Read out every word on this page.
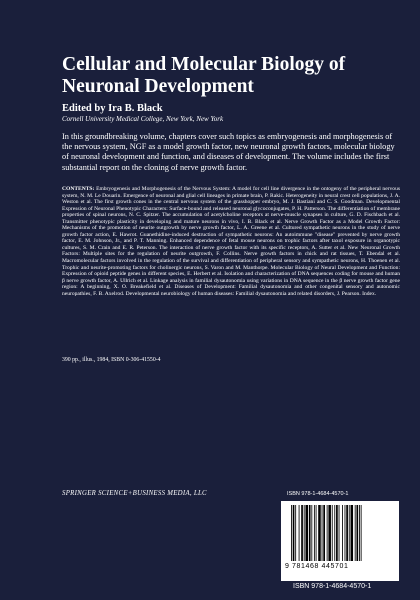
Cellular and Molecular Biology of Neuronal Development
Edited by Ira B. Black
Cornell University Medical College, New York, New York

In this groundbreaking volume, chapters cover such topics as embryogenesis and morphogenesis of the nervous system, NGF as a model growth factor, new neuronal growth factors, molecular biology of neuronal development and function, and diseases of development. The volume includes the first substantial report on the cloning of nerve growth factor.

CONTENTS: Embryogenesis and Morphogenesis of the Nervous System: A model for cell line divergence in the ontogeny of the peripheral nervous system, N. M. Le Douarin. Emergence of neuronal and glial cell lineages in primate brain, P. Rakic. Heterogeneity in neural crest cell populations, J. A. Weston et al. The first growth cones in the central nervous system of the grasshopper embryo, M. J. Bastiani and C. S. Goodman. Developmental Expression of Neuronal Phenotypic Characters: Surface-bound and released neuronal glycoconjugates, P. H. Patterson. The differentiation of membrane properties of spinal neurons, N. C. Spitzer. The accumulation of acetylcholine receptors at nerve-muscle synapses in culture, G. D. Fischbach et al. Transmitter phenotypic plasticity in developing and mature neurons in vivo, I. B. Black et al. Nerve Growth Factor as a Model Growth Factor: Mechanisms of the promotion of neurite outgrowth by nerve growth factor, L. A. Greene et al. Cultured sympathetic neurons in the study of nerve growth factor action, E. Hawrot. Guanethidine-induced destruction of sympathetic neurons: An autoimmune "disease" prevented by nerve growth factor, E. M. Johnson, Jr., and P. T. Manning. Enhanced dependence of fetal mouse neurons on trophic factors after taxol exposure in organotypic cultures, S. M. Crain and E. R. Peterson. The interaction of nerve growth factor with its specific receptors, A. Sutter et al. New Neuronal Growth Factors: Multiple sites for the regulation of neurite outgrowth, F. Collins. Nerve growth factors in chick and rat tissues, T. Ebendal et al. Macromolecular factors involved in the regulation of the survival and differentiation of peripheral sensory and sympathetic neurons, H. Thoenen et al. Trophic and neurite-promoting factors for cholinergic neurons, S. Varon and M. Manthorpe. Molecular Biology of Neural Development and Function: Expression of opioid peptide genes in different species, E. Herbert et al. Isolation and characterization of DNA sequences coding for mouse and human β nerve growth factor, A. Ullrich et al. Linkage analysis in familial dysautonomia using variations in DNA sequence in the β nerve growth factor gene region: A beginning, X. O. Breakefield et al. Diseases of Development: Familial dysautonomia and other congenital sensory and autonomic neuropathies, F. B. Axelrod. Developmental neurobiology of human diseases: Familial dysautonomia and related disorders, J. Pearson. Index.

390 pp., illus., 1984, ISBN 0-306-41550-4
SPRINGER SCIENCE+BUSINESS MEDIA, LLC	ISBN 978-1-4684-4570-1
9 781468 445701
ISBN 978-1-4684-4570-1
